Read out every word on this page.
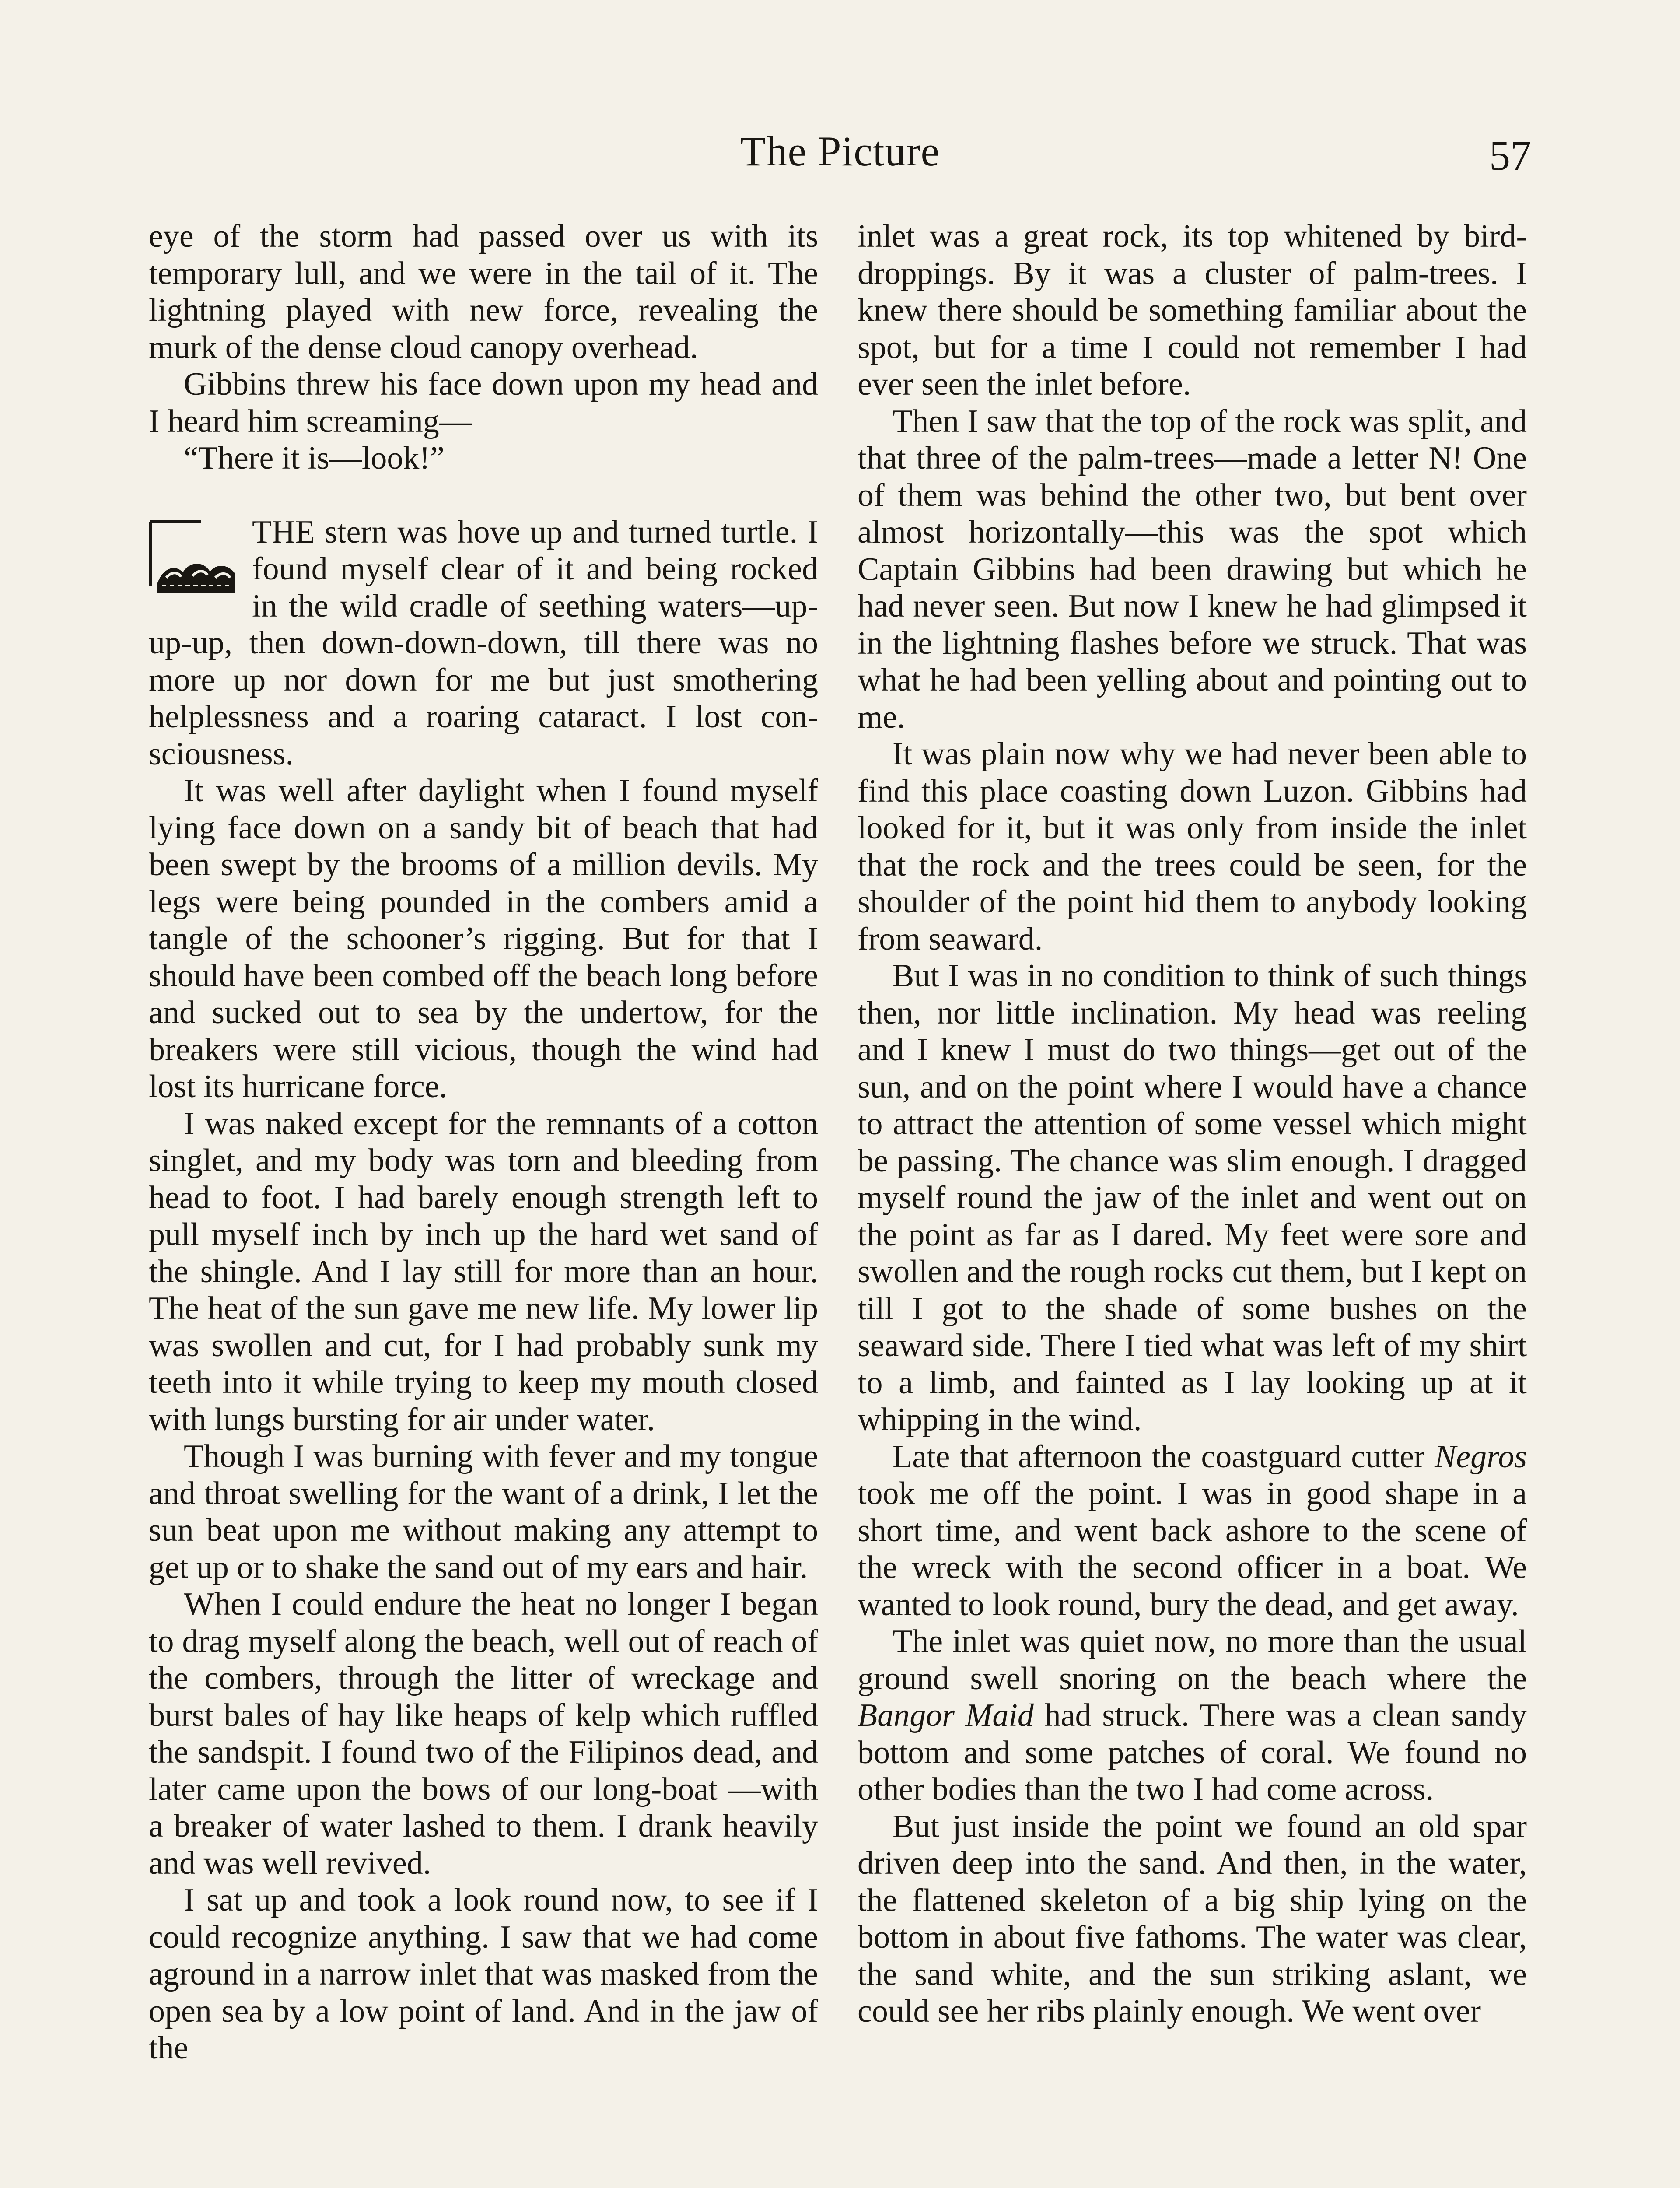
The Picture	57

eye of the storm had passed over us with its temporary lull, and we were in the tail of it. The lightning played with new force, revealing the murk of the dense cloud canopy overhead.

Gibbins threw his face down upon my head and I heard him screaming—

“There it is—look!”

THE stern was hove up and turned turtle. I found myself clear of it and being rocked in the wild cradle of seething waters—up-up-up, then down-down-down, till there was no more up nor down for me but just smothering helplessness and a roaring cataract. I lost consciousness.

It was well after daylight when I found myself lying face down on a sandy bit of beach that had been swept by the brooms of a million devils. My legs were being pounded in the combers amid a tangle of the schooner’s rigging. But for that I should have been combed off the beach long before and sucked out to sea by the undertow, for the breakers were still vicious, though the wind had lost its hurricane force.

I was naked except for the remnants of a cotton singlet, and my body was torn and bleeding from head to foot. I had barely enough strength left to pull myself inch by inch up the hard wet sand of the shingle. And I lay still for more than an hour. The heat of the sun gave me new life. My lower lip was swollen and cut, for I had probably sunk my teeth into it while trying to keep my mouth closed with lungs bursting for air under water.

Though I was burning with fever and my tongue and throat swelling for the want of a drink, I let the sun beat upon me without making any attempt to get up or to shake the sand out of my ears and hair.

When I could endure the heat no longer I began to drag myself along the beach, well out of reach of the combers, through the litter of wreckage and burst bales of hay like heaps of kelp which ruffled the sandspit. I found two of the Filipinos dead, and later came upon the bows of our long-boat —with a breaker of water lashed to them. I drank heavily and was well revived.

I sat up and took a look round now, to see if I could recognize anything. I saw that we had come aground in a narrow inlet that was masked from the open sea by a low point of land. And in the jaw of the

inlet was a great rock, its top whitened by bird-droppings. By it was a cluster of palm-trees. I knew there should be something familiar about the spot, but for a time I could not remember I had ever seen the inlet before.

Then I saw that the top of the rock was split, and that three of the palm-trees—made a letter N! One of them was behind the other two, but bent over almost horizontally—this was the spot which Captain Gibbins had been drawing but which he had never seen. But now I knew he had glimpsed it in the lightning flashes before we struck. That was what he had been yelling about and pointing out to me.

It was plain now why we had never been able to find this place coasting down Luzon. Gibbins had looked for it, but it was only from inside the inlet that the rock and the trees could be seen, for the shoulder of the point hid them to anybody looking from seaward.

But I was in no condition to think of such things then, nor little inclination. My head was reeling and I knew I must do two things—get out of the sun, and on the point where I would have a chance to attract the attention of some vessel which might be passing. The chance was slim enough. I dragged myself round the jaw of the inlet and went out on the point as far as I dared. My feet were sore and swollen and the rough rocks cut them, but I kept on till I got to the shade of some bushes on the seaward side. There I tied what was left of my shirt to a limb, and fainted as I lay looking up at it whipping in the wind.

Late that afternoon the coastguard cutter Negros took me off the point. I was in good shape in a short time, and went back ashore to the scene of the wreck with the second officer in a boat. We wanted to look round, bury the dead, and get away.

The inlet was quiet now, no more than the usual ground swell snoring on the beach where the Bangor Maid had struck. There was a clean sandy bottom and some patches of coral. We found no other bodies than the two I had come across.

But just inside the point we found an old spar driven deep into the sand. And then, in the water, the flattened skeleton of a big ship lying on the bottom in about five fathoms. The water was clear, the sand white, and the sun striking aslant, we could see her ribs plainly enough. We went over
